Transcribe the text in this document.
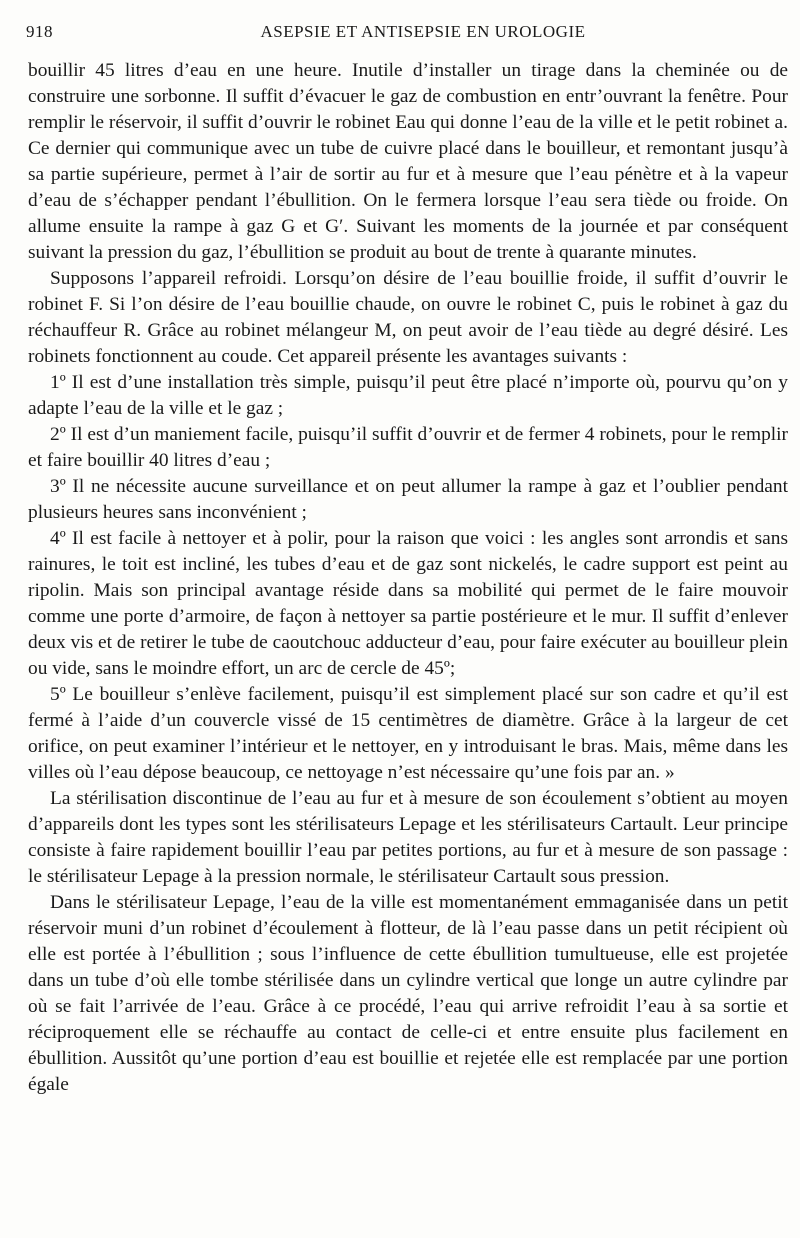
918	ASEPSIE ET ANTISEPSIE EN UROLOGIE

bouillir 45 litres d’eau en une heure. Inutile d’installer un tirage dans la cheminée ou de construire une sorbonne. Il suffit d’évacuer le gaz de combustion en entr’ouvrant la fenêtre. Pour remplir le réservoir, il suffit d’ouvrir le robinet Eau qui donne l’eau de la ville et le petit robinet a. Ce dernier qui communique avec un tube de cuivre placé dans le bouilleur, et remontant jusqu’à sa partie supérieure, permet à l’air de sortir au fur et à mesure que l’eau pénètre et à la vapeur d’eau de s’échapper pendant l’ébullition. On le fermera lorsque l’eau sera tiède ou froide. On allume ensuite la rampe à gaz G et G′. Suivant les moments de la journée et par conséquent suivant la pression du gaz, l’ébullition se produit au bout de trente à quarante minutes.

Supposons l’appareil refroidi. Lorsqu’on désire de l’eau bouillie froide, il suffit d’ouvrir le robinet F. Si l’on désire de l’eau bouillie chaude, on ouvre le robinet C, puis le robinet à gaz du réchauffeur R. Grâce au robinet mélangeur M, on peut avoir de l’eau tiède au degré désiré. Les robinets fonctionnent au coude. Cet appareil présente les avantages suivants :

1º Il est d’une installation très simple, puisqu’il peut être placé n’importe où, pourvu qu’on y adapte l’eau de la ville et le gaz ;

2º Il est d’un maniement facile, puisqu’il suffit d’ouvrir et de fermer 4 robinets, pour le remplir et faire bouillir 40 litres d’eau ;

3º Il ne nécessite aucune surveillance et on peut allumer la rampe à gaz et l’oublier pendant plusieurs heures sans inconvénient ;

4º Il est facile à nettoyer et à polir, pour la raison que voici : les angles sont arrondis et sans rainures, le toit est incliné, les tubes d’eau et de gaz sont nickelés, le cadre support est peint au ripolin. Mais son principal avantage réside dans sa mobilité qui permet de le faire mouvoir comme une porte d’armoire, de façon à nettoyer sa partie postérieure et le mur. Il suffit d’enlever deux vis et de retirer le tube de caoutchouc adducteur d’eau, pour faire exécuter au bouilleur plein ou vide, sans le moindre effort, un arc de cercle de 45º;

5º Le bouilleur s’enlève facilement, puisqu’il est simplement placé sur son cadre et qu’il est fermé à l’aide d’un couvercle vissé de 15 centimètres de diamètre. Grâce à la largeur de cet orifice, on peut examiner l’intérieur et le nettoyer, en y introduisant le bras. Mais, même dans les villes où l’eau dépose beaucoup, ce nettoyage n’est nécessaire qu’une fois par an. »

La stérilisation discontinue de l’eau au fur et à mesure de son écoulement s’obtient au moyen d’appareils dont les types sont les stérilisateurs Lepage et les stérilisateurs Cartault. Leur principe consiste à faire rapidement bouillir l’eau par petites portions, au fur et à mesure de son passage : le stérilisateur Lepage à la pression normale, le stérilisateur Cartault sous pression.

Dans le stérilisateur Lepage, l’eau de la ville est momentanément emmaganisée dans un petit réservoir muni d’un robinet d’écoulement à flotteur, de là l’eau passe dans un petit récipient où elle est portée à l’ébullition ; sous l’influence de cette ébullition tumultueuse, elle est projetée dans un tube d’où elle tombe stérilisée dans un cylindre vertical que longe un autre cylindre par où se fait l’arrivée de l’eau. Grâce à ce procédé, l’eau qui arrive refroidit l’eau à sa sortie et réciproquement elle se réchauffe au contact de celle-ci et entre ensuite plus facilement en ébullition. Aussitôt qu’une portion d’eau est bouillie et rejetée elle est remplacée par une portion égale
